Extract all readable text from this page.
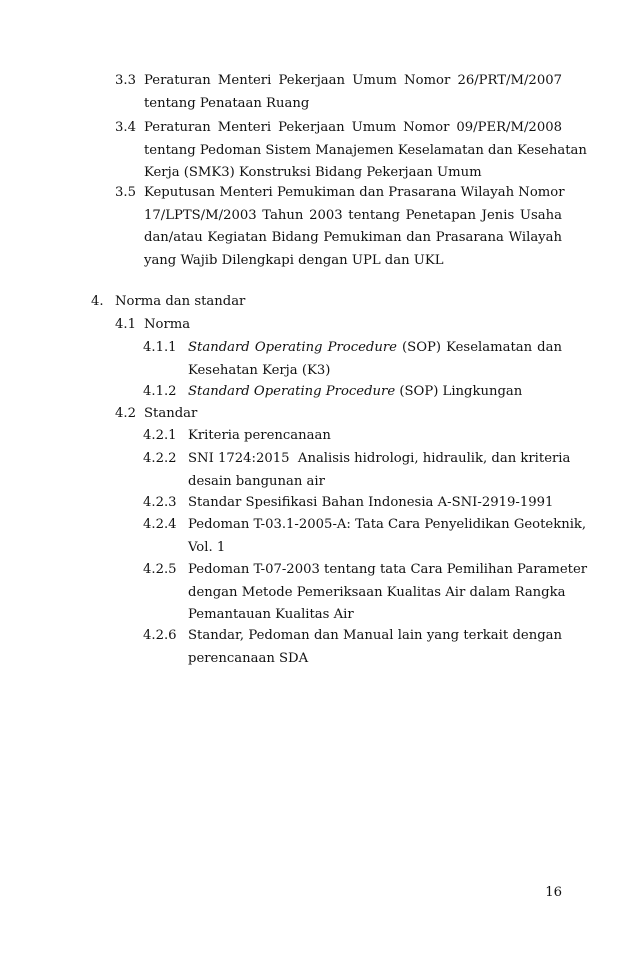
3.3 Peraturan Menteri Pekerjaan Umum Nomor 26/PRT/M/2007
tentang Penataan Ruang
3.4 Peraturan Menteri Pekerjaan Umum Nomor 09/PER/M/2008
tentang Pedoman Sistem Manajemen Keselamatan dan Kesehatan
Kerja (SMK3) Konstruksi Bidang Pekerjaan Umum
3.5 Keputusan Menteri Pemukiman dan Prasarana Wilayah Nomor
17/LPTS/M/2003 Tahun 2003 tentang Penetapan Jenis Usaha
dan/atau Kegiatan Bidang Pemukiman dan Prasarana Wilayah
yang Wajib Dilengkapi dengan UPL dan UKL
4. Norma dan standar
4.1 Norma
4.1.1 Standard Operating Procedure (SOP) Keselamatan dan
Kesehatan Kerja (K3)
4.1.2 Standard Operating Procedure (SOP) Lingkungan
4.2 Standar
4.2.1 Kriteria perencanaan
4.2.2 SNI 1724:2015  Analisis hidrologi, hidraulik, dan kriteria
desain bangunan air
4.2.3 Standar Spesifikasi Bahan Indonesia A-SNI-2919-1991
4.2.4 Pedoman T-03.1-2005-A: Tata Cara Penyelidikan Geoteknik,
Vol. 1
4.2.5 Pedoman T-07-2003 tentang tata Cara Pemilihan Parameter
dengan Metode Pemeriksaan Kualitas Air dalam Rangka
Pemantauan Kualitas Air
4.2.6 Standar, Pedoman dan Manual lain yang terkait dengan
perencanaan SDA
16
